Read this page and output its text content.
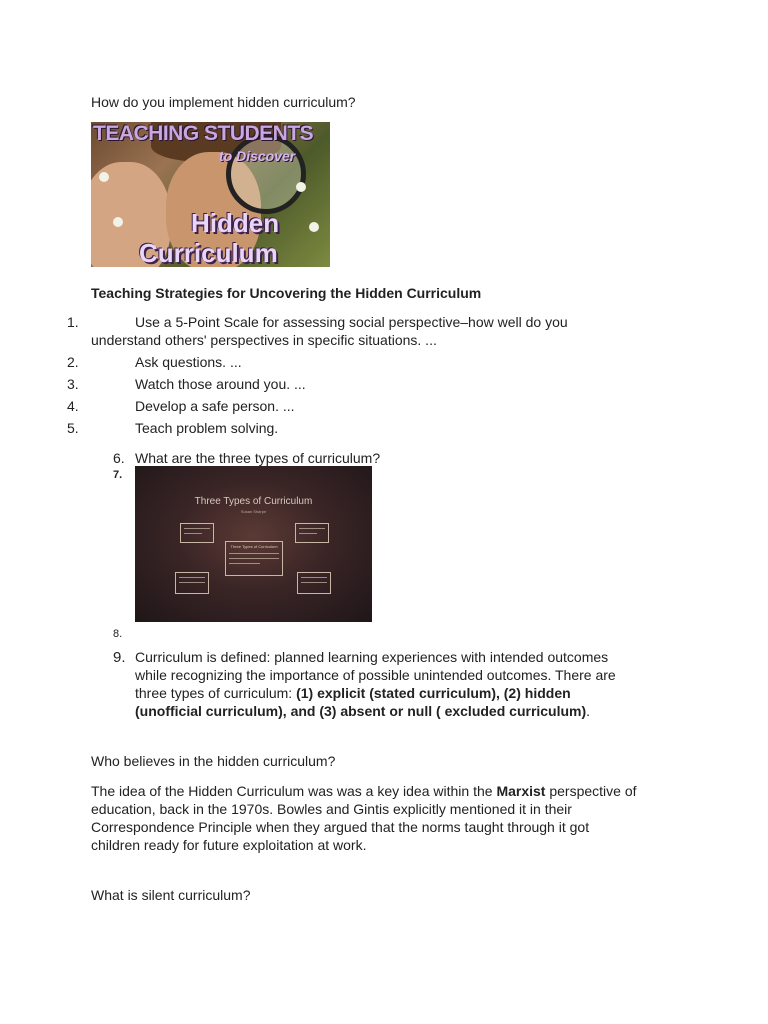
How do you implement hidden curriculum?
TEACHING STUDENTS
to Discover
Hidden
Curriculum
Teaching Strategies for Uncovering the Hidden Curriculum
1.	Use a 5-Point Scale for assessing social perspective–how well do you
understand others' perspectives in specific situations. ...
2.	Ask questions. ...
3.	Watch those around you. ...
4.	Develop a safe person. ...
5.	Teach problem solving.
6. What are the three types of curriculum?
7.
Three Types of Curriculum
Susan Sharpe
Three Types of Curriculum
8.
9. Curriculum is defined: planned learning experiences with intended outcomes
while recognizing the importance of possible unintended outcomes. There are
three types of curriculum: (1) explicit (stated curriculum), (2) hidden
(unofficial curriculum), and (3) absent or null ( excluded curriculum).
Who believes in the hidden curriculum?
The idea of the Hidden Curriculum was was a key idea within the Marxist perspective of
education, back in the 1970s. Bowles and Gintis explicitly mentioned it in their
Correspondence Principle when they argued that the norms taught through it got
children ready for future exploitation at work.
What is silent curriculum?
